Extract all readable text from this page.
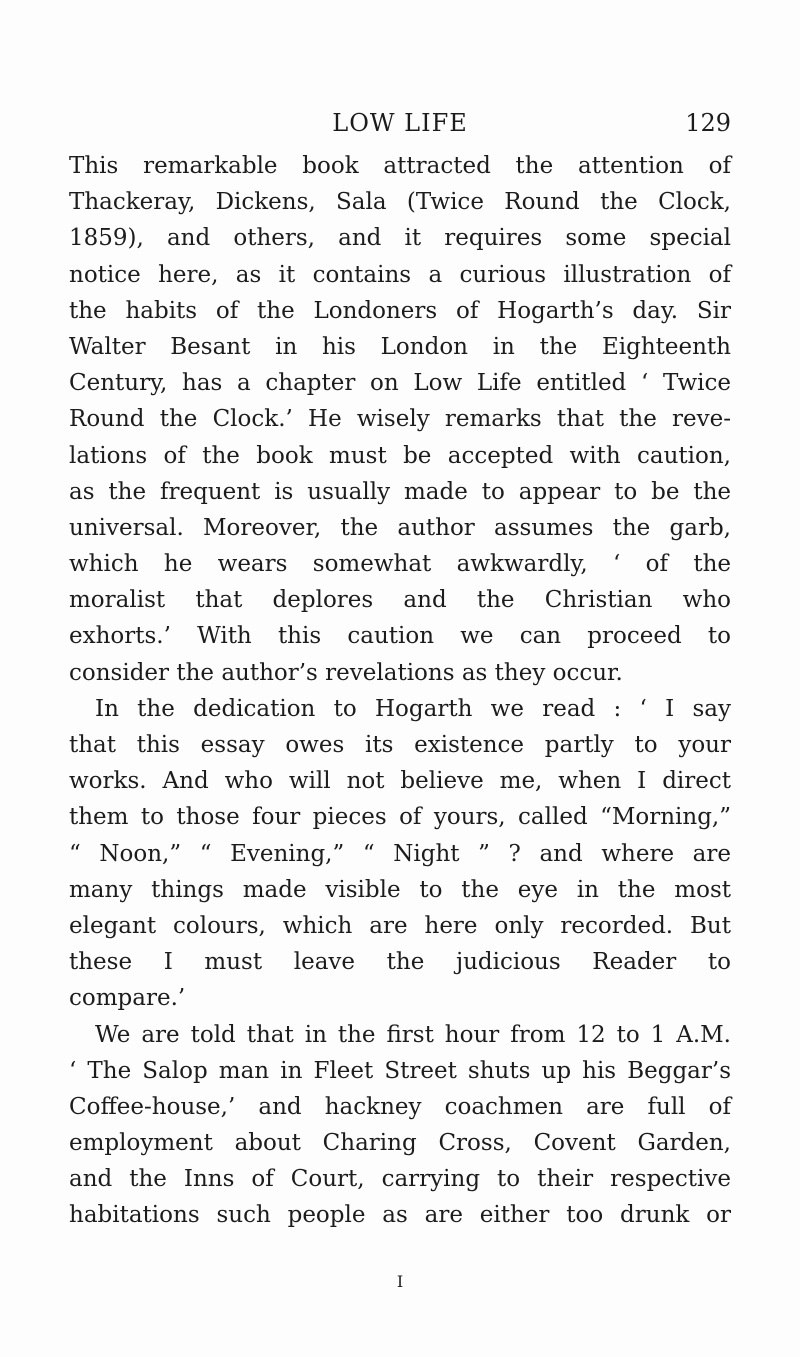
LOW LIFE	129
This remarkable book attracted the attention of
Thackeray, Dickens, Sala (Twice Round the Clock,
1859), and others, and it requires some special
notice here, as it contains a curious illustration of
the habits of the Londoners of Hogarth’s day. Sir
Walter Besant in his London in the Eighteenth
Century, has a chapter on Low Life entitled ‘ Twice
Round the Clock.’ He wisely remarks that the reve-
lations of the book must be accepted with caution,
as the frequent is usually made to appear to be the
universal. Moreover, the author assumes the garb,
which he wears somewhat awkwardly, ‘ of the
moralist that deplores and the Christian who
exhorts.’ With this caution we can proceed to
consider the author’s revelations as they occur.
In the dedication to Hogarth we read : ‘ I say
that this essay owes its existence partly to your
works. And who will not believe me, when I direct
them to those four pieces of yours, called “Morning,”
“ Noon,” “ Evening,” “ Night ” ? and where are
many things made visible to the eye in the most
elegant colours, which are here only recorded. But
these I must leave the judicious Reader to
compare.’
We are told that in the first hour from 12 to 1 A.M.
‘ The Salop man in Fleet Street shuts up his Beggar’s
Coffee-house,’ and hackney coachmen are full of
employment about Charing Cross, Covent Garden,
and the Inns of Court, carrying to their respective
habitations such people as are either too drunk or
I
